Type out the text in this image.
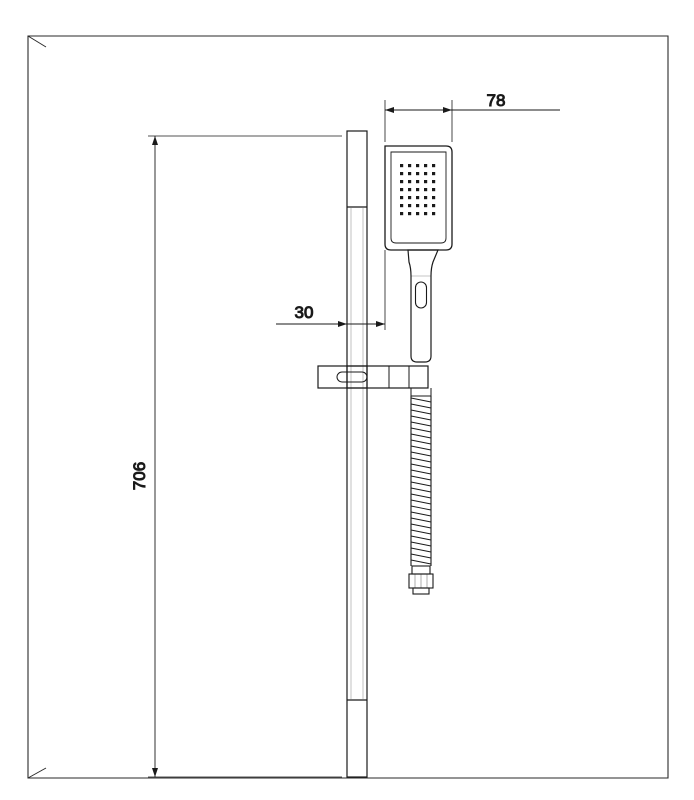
78
30
706
